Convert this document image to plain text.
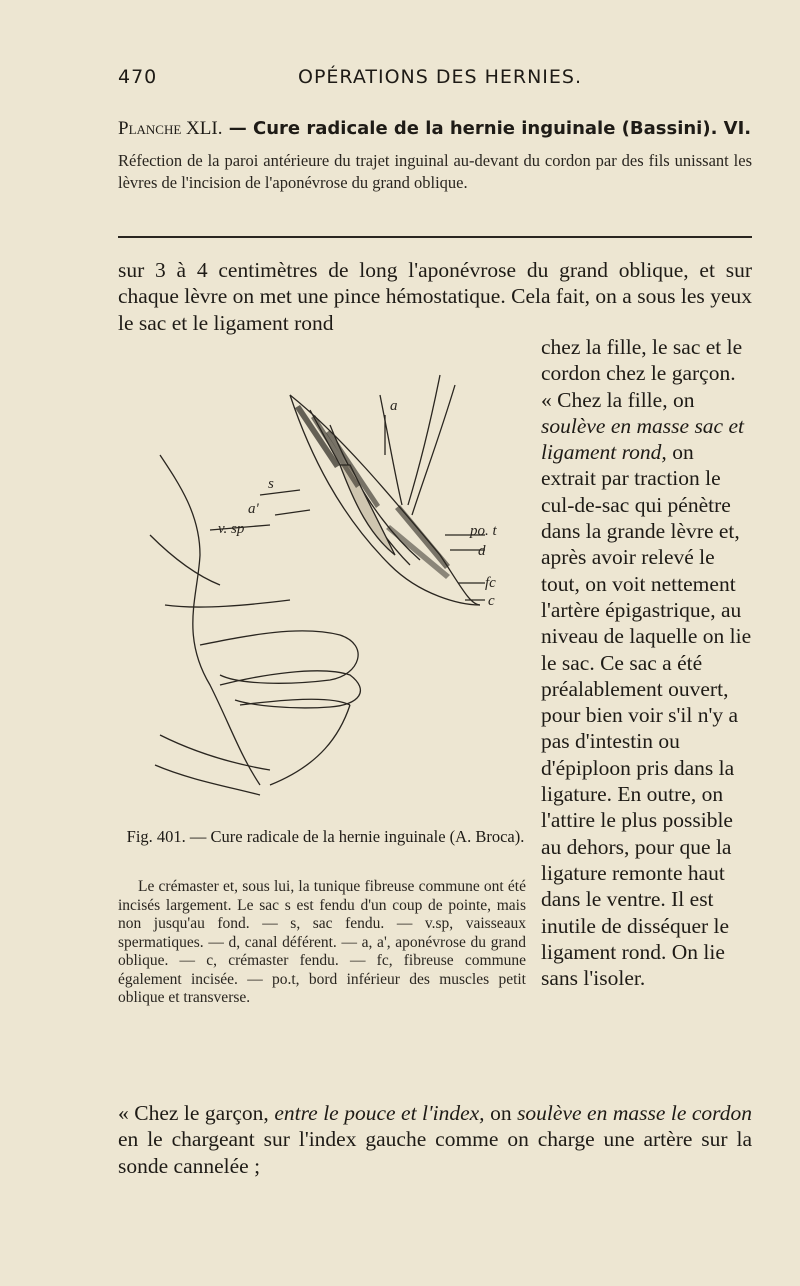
470	OPÉRATIONS DES HERNIES.
Planche XLI. — Cure radicale de la hernie inguinale (Bassini). VI.
Réfection de la paroi antérieure du trajet inguinal au-devant du cordon par des fils unissant les lèvres de l'incision de l'aponévrose du grand oblique.
sur 3 à 4 centimètres de long l'aponévrose du grand oblique, et sur chaque lèvre on met une pince hémostatique. Cela fait, on a sous les yeux le sac et le ligament rond

chez la fille, le sac et le cordon chez le garçon.

« Chez la fille, on soulève en masse sac et ligament rond, on extrait par traction le cul-de-sac qui pénètre dans la grande lèvre et, après avoir relevé le tout, on voit nettement l'artère épigastrique, au niveau de laquelle on lie le sac. Ce sac a été préalablement ouvert, pour bien voir s'il n'y a pas d'intestin ou d'épiploon pris dans la ligature. En outre, on l'attire le plus possible au dehors, pour que la ligature remonte haut dans le ventre. Il est inutile de disséquer le ligament rond. On lie sans l'isoler.

a
s
a'
v. sp	po. t
d
fc
c
Fig. 401. — Cure radicale de la hernie inguinale (A. Broca).
Le crémaster et, sous lui, la tunique fibreuse commune ont été incisés largement. Le sac s est fendu d'un coup de pointe, mais non jusqu'au fond. — s, sac fendu. — v.sp, vaisseaux spermatiques. — d, canal déférent. — a, a', aponévrose du grand oblique. — c, crémaster fendu. — fc, fibreuse commune également incisée. — po.t, bord inférieur des muscles petit oblique et transverse.
« Chez le garçon, entre le pouce et l'index, on soulève en masse le cordon en le chargeant sur l'index gauche comme on charge une artère sur la sonde cannelée ;
